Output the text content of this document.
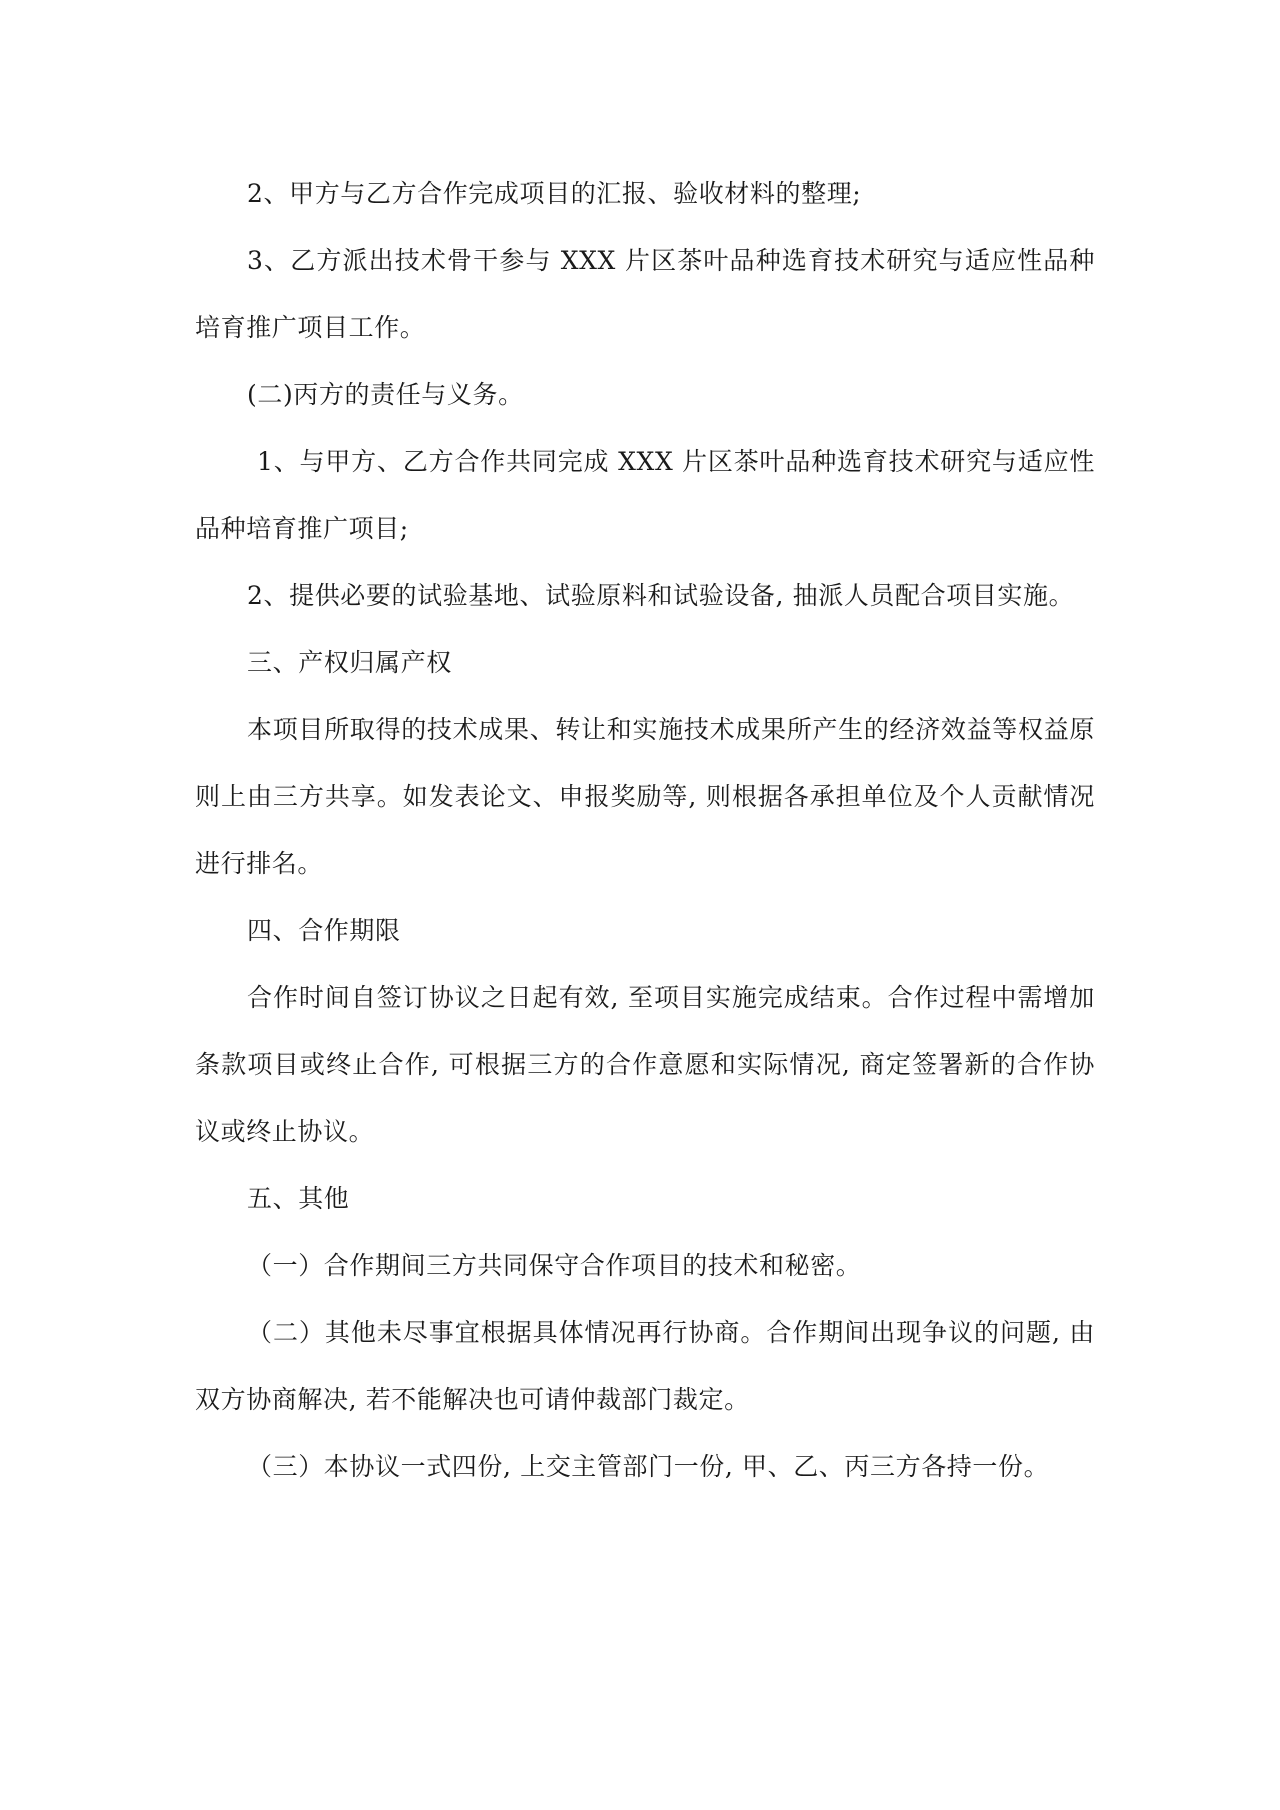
2、甲方与乙方合作完成项目的汇报、验收材料的整理;

3、乙方派出技术骨干参与 XXX 片区茶叶品种选育技术研究与适应性品种培育推广项目工作。

(二)丙方的责任与义务。

1、与甲方、乙方合作共同完成 XXX 片区茶叶品种选育技术研究与适应性品种培育推广项目;

2、提供必要的试验基地、试验原料和试验设备, 抽派人员配合项目实施。

三、产权归属产权

本项目所取得的技术成果、转让和实施技术成果所产生的经济效益等权益原则上由三方共享。如发表论文、申报奖励等, 则根据各承担单位及个人贡献情况进行排名。

四、合作期限

合作时间自签订协议之日起有效, 至项目实施完成结束。合作过程中需增加条款项目或终止合作, 可根据三方的合作意愿和实际情况, 商定签署新的合作协议或终止协议。

五、其他

（一）合作期间三方共同保守合作项目的技术和秘密。

（二）其他未尽事宜根据具体情况再行协商。合作期间出现争议的问题, 由双方协商解决, 若不能解决也可请仲裁部门裁定。

（三）本协议一式四份, 上交主管部门一份, 甲、乙、丙三方各持一份。
